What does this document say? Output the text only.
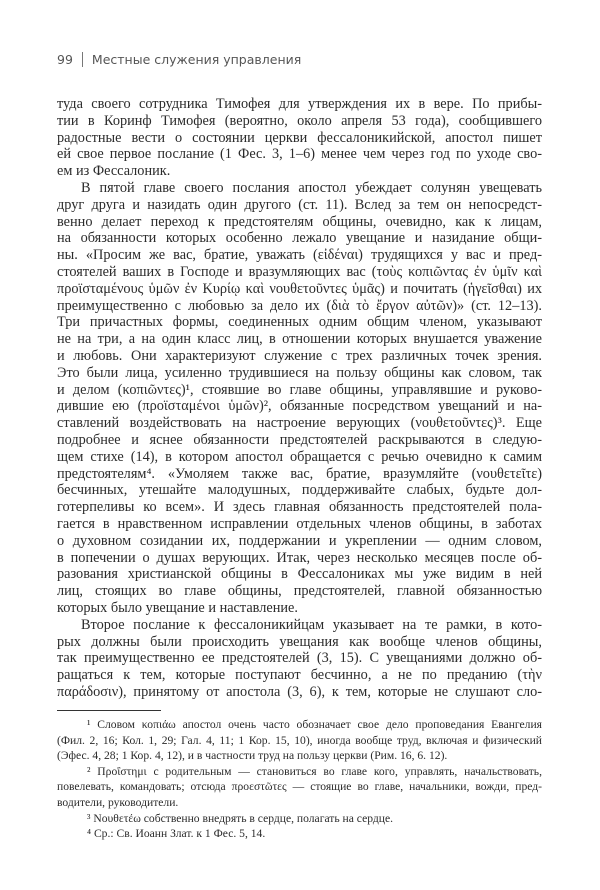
99 Местные служения управления
туда своего сотрудника Тимофея для утверждения их в вере. По прибы-
тии в Коринф Тимофея (вероятно, около апреля 53 года), сообщившего
радостные вести о состоянии церкви фессалоникийской, апостол пишет
ей свое первое послание (1 Фес. 3, 1–6) менее чем через год по уходе сво-
ем из Фессалоник.
В пятой главе своего послания апостол убеждает солунян увещевать
друг друга и назидать один другого (ст. 11). Вслед за тем он непосредст-
венно делает переход к предстоятелям общины, очевидно, как к лицам,
на обязанности которых особенно лежало увещание и назидание общи-
ны. «Просим же вас, братие, уважать (εἰδέναι) трудящихся у вас и пред-
стоятелей ваших в Господе и вразумляющих вас (τοὺς κοπιῶντας ἐν ὑμῖν καὶ
προϊσταμένους ὑμῶν ἐν Κυρίῳ καὶ νουθετοῦντες ὑμᾶς) и почитать (ἡγεῖσθαι) их
преимущественно с любовью за дело их (διὰ τὸ ἔργον αὐτῶν)» (ст. 12–13).
Три причастных формы, соединенных одним общим членом, указывают
не на три, а на один класс лиц, в отношении которых внушается уважение
и любовь. Они характеризуют служение с трех различных точек зрения.
Это были лица, усиленно трудившиеся на пользу общины как словом, так
и делом (κοπιῶντες)¹, стоявшие во главе общины, управлявшие и руково-
дившие ею (προϊσταμένοι ὑμῶν)², обязанные посредством увещаний и на-
ставлений воздействовать на настроение верующих (νουθετοῦντες)³. Еще
подробнее и яснее обязанности предстоятелей раскрываются в следую-
щем стихе (14), в котором апостол обращается с речью очевидно к самим
предстоятелям⁴. «Умоляем также вас, братие, вразумляйте (νουθετεῖτε)
бесчинных, утешайте малодушных, поддерживайте слабых, будьте дол-
готерпеливы ко всем». И здесь главная обязанность предстоятелей пола-
гается в нравственном исправлении отдельных членов общины, в заботах
о духовном созидании их, поддержании и укреплении — одним словом,
в попечении о душах верующих. Итак, через несколько месяцев после об-
разования христианской общины в Фессалониках мы уже видим в ней
лиц, стоящих во главе общины, предстоятелей, главной обязанностью
которых было увещание и наставление.
Второе послание к фессалоникийцам указывает на те рамки, в кото-
рых должны были происходить увещания как вообще членов общины,
так преимущественно ее предстоятелей (3, 15). С увещаниями должно об-
ращаться к тем, которые поступают бесчинно, а не по преданию (τὴν
παράδοσιν), принятому от апостола (3, 6), к тем, которые не слушают сло-
¹ Словом κοπιάω апостол очень часто обозначает свое дело проповедания Евангелия
(Фил. 2, 16; Кол. 1, 29; Гал. 4, 11; 1 Кор. 15, 10), иногда вообще труд, включая и физический
(Эфес. 4, 28; 1 Кор. 4, 12), и в частности труд на пользу церкви (Рим. 16, 6. 12).
² Προΐστημι с родительным — становиться во главе кого, управлять, начальствовать,
повелевать, командовать; отсюда προεστῶτες — стоящие во главе, начальники, вожди, пред-
водители, руководители.
³ Νουθετέω собственно внедрять в сердце, полагать на сердце.
⁴ Ср.: Св. Иоанн Злат. к 1 Фес. 5, 14.
